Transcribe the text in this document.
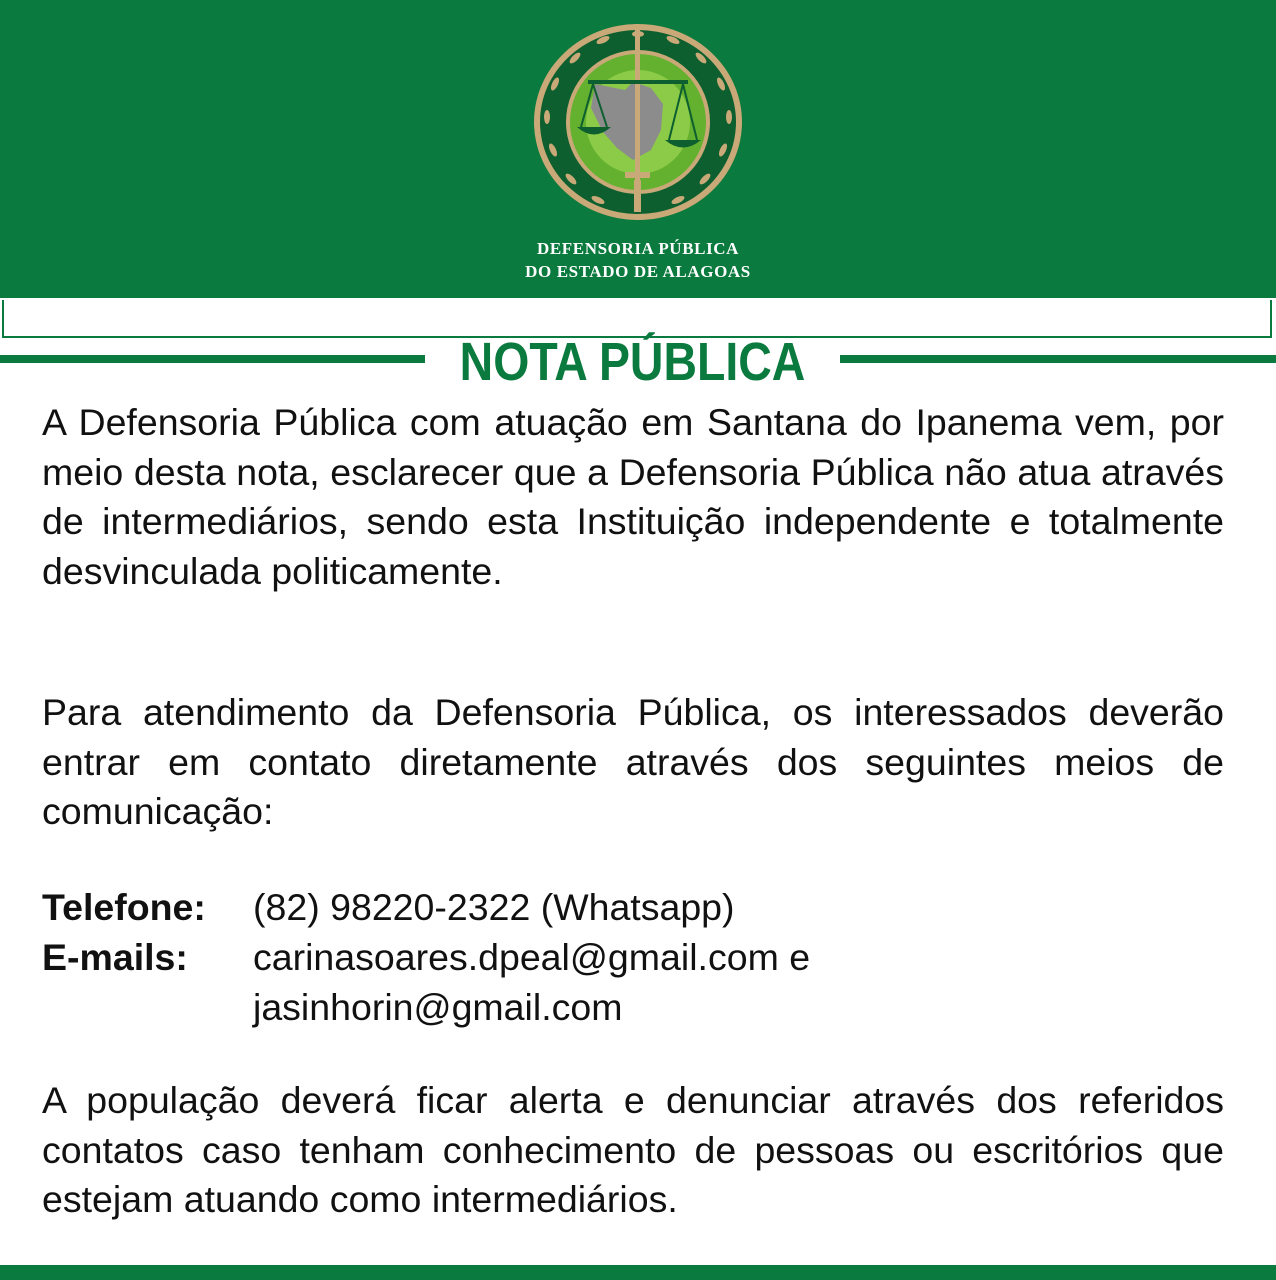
DEFENSORIA PÚBLICA
DO ESTADO DE ALAGOAS
NOTA PÚBLICA

A Defensoria Pública com atuação em Santana do Ipanema vem, por meio desta nota, esclarecer que a Defensoria Pública não atua através de intermediários, sendo esta Instituição independente e totalmente desvinculada politicamente.

Para atendimento da Defensoria Pública, os interessados deverão entrar em contato diretamente através dos seguintes meios de comunicação:

Telefone: (82) 98220-2322 (Whatsapp)
E-mails: carinasoares.dpeal@gmail.com e
jasinhorin@gmail.com

A população deverá ficar alerta e denunciar através dos referidos contatos caso tenham conhecimento de pessoas ou escritórios que estejam atuando como intermediários.
